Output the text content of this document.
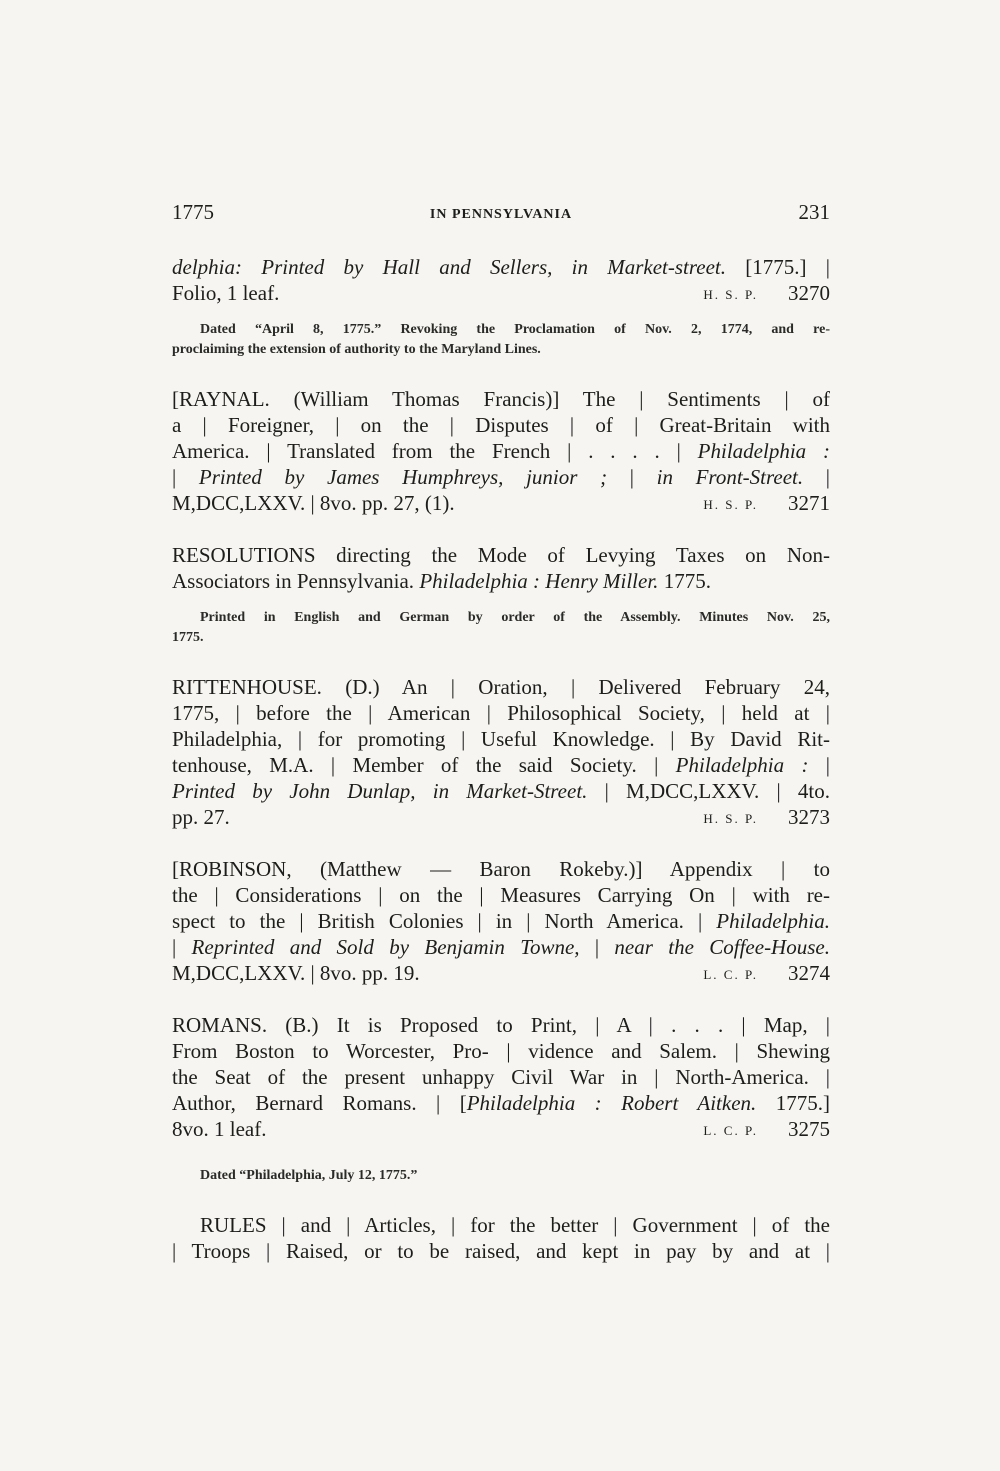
1775	IN PENNSYLVANIA	231
delphia: Printed by Hall and Sellers, in Market-street. [1775.] |
Folio, 1 leaf.	H. S. P. 3270
Dated “April 8, 1775.” Revoking the Proclamation of Nov. 2, 1774, and re-
proclaiming the extension of authority to the Maryland Lines.
[RAYNAL. (William Thomas Francis)] The | Sentiments | of
a | Foreigner, | on the | Disputes | of | Great-Britain with
America. | Translated from the French | . . . . | Philadelphia :
| Printed by James Humphreys, junior ; | in Front-Street. |
M,DCC,LXXV. | 8vo. pp. 27, (1).	H. S. P. 3271
RESOLUTIONS directing the Mode of Levying Taxes on Non-
Associators in Pennsylvania. Philadelphia : Henry Miller. 1775.
Printed in English and German by order of the Assembly. Minutes Nov. 25,
1775.
RITTENHOUSE. (D.) An | Oration, | Delivered February 24,
1775, | before the | American | Philosophical Society, | held at |
Philadelphia, | for promoting | Useful Knowledge. | By David Rit-
tenhouse, M.A. | Member of the said Society. | Philadelphia : |
Printed by John Dunlap, in Market-Street. | M,DCC,LXXV. | 4to.
pp. 27.	H. S. P. 3273
[ROBINSON, (Matthew — Baron Rokeby.)] Appendix | to
the | Considerations | on the | Measures Carrying On | with re-
spect to the | British Colonies | in | North America. | Philadelphia.
| Reprinted and Sold by Benjamin Towne, | near the Coffee-House.
M,DCC,LXXV. | 8vo. pp. 19.	L. C. P. 3274
ROMANS. (B.) It is Proposed to Print, | A | . . . | Map, |
From Boston to Worcester, Pro- | vidence and Salem. | Shewing
the Seat of the present unhappy Civil War in | North-America. |
Author, Bernard Romans. | [Philadelphia : Robert Aitken. 1775.]
8vo. 1 leaf.	L. C. P. 3275
Dated “Philadelphia, July 12, 1775.”
RULES | and | Articles, | for the better | Government | of the
| Troops | Raised, or to be raised, and kept in pay by and at |
